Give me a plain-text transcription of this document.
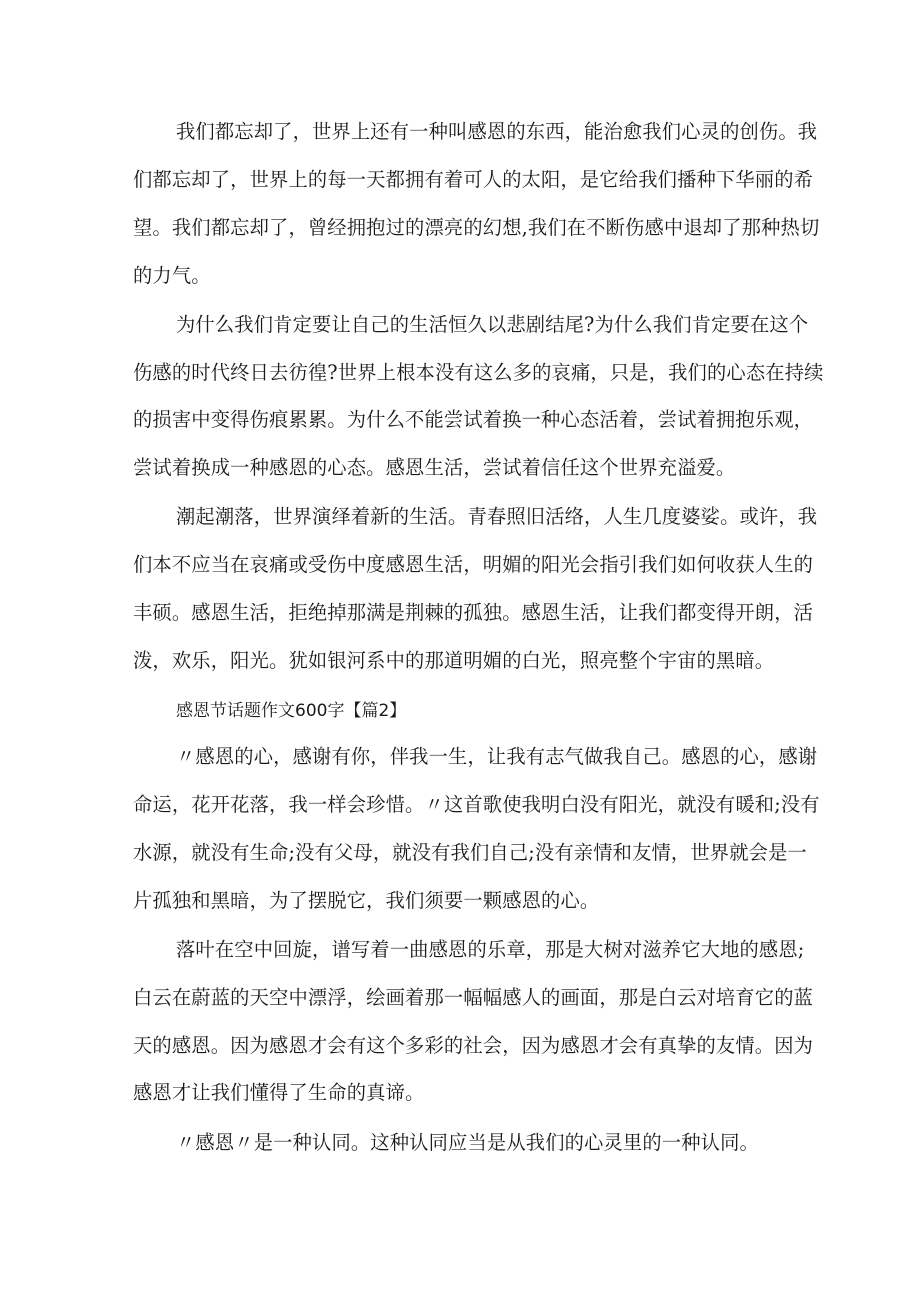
我们都忘却了，世界上还有一种叫感恩的东西，能治愈我们心灵的创伤。我

们都忘却了，世界上的每一天都拥有着可人的太阳，是它给我们播种下华丽的希

望。我们都忘却了，曾经拥抱过的漂亮的幻想,我们在不断伤感中退却了那种热切

的力气。

为什么我们肯定要让自己的生活恒久以悲剧结尾?为什么我们肯定要在这个

伤感的时代终日去彷徨?世界上根本没有这么多的哀痛，只是，我们的心态在持续

的损害中变得伤痕累累。为什么不能尝试着换一种心态活着，尝试着拥抱乐观，

尝试着换成一种感恩的心态。感恩生活，尝试着信任这个世界充溢爱。

潮起潮落，世界演绎着新的生活。青春照旧活络，人生几度婆娑。或许，我

们本不应当在哀痛或受伤中度感恩生活，明媚的阳光会指引我们如何收获人生的

丰硕。感恩生活，拒绝掉那满是荆棘的孤独。感恩生活，让我们都变得开朗，活

泼，欢乐，阳光。犹如银河系中的那道明媚的白光，照亮整个宇宙的黑暗。

感恩节话题作文600字【篇2】

〃感恩的心，感谢有你，伴我一生，让我有志气做我自己。感恩的心，感谢

命运，花开花落，我一样会珍惜。〃这首歌使我明白没有阳光，就没有暖和;没有

水源，就没有生命;没有父母，就没有我们自己;没有亲情和友情，世界就会是一

片孤独和黑暗，为了摆脱它，我们须要一颗感恩的心。

落叶在空中回旋，谱写着一曲感恩的乐章，那是大树对滋养它大地的感恩;

白云在蔚蓝的天空中漂浮，绘画着那一幅幅感人的画面，那是白云对培育它的蓝

天的感恩。因为感恩才会有这个多彩的社会，因为感恩才会有真挚的友情。因为

感恩才让我们懂得了生命的真谛。

〃感恩〃是一种认同。这种认同应当是从我们的心灵里的一种认同。
